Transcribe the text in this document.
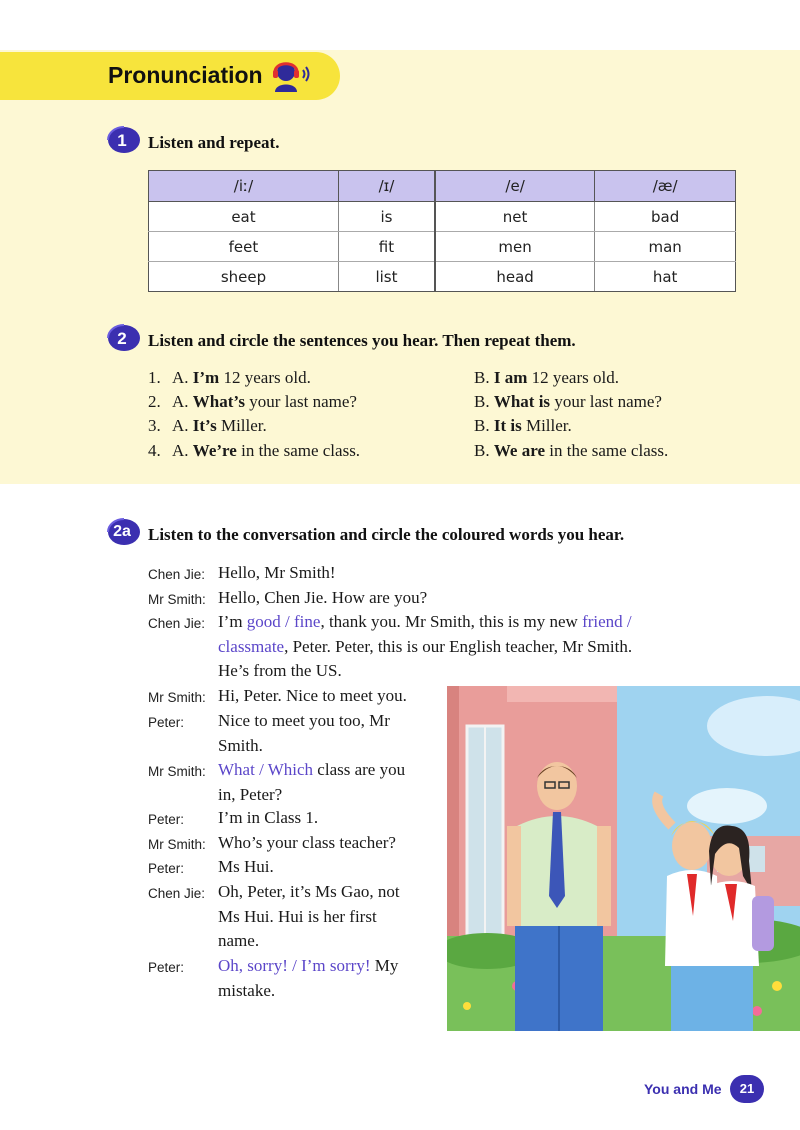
Pronunciation
1	Listen and repeat.
/iː/	/ɪ/	/e/	/æ/
eat	is	net	bad
feet	fit	men	man
sheep	list	head	hat
2	Listen and circle the sentences you hear. Then repeat them.
1. A. I’m 12 years old.	B. I am 12 years old.
2. A. What’s your last name?	B. What is your last name?
3. A. It’s Miller.	B. It is Miller.
4. A. We’re in the same class.	B. We are in the same class.
2a	Listen to the conversation and circle the coloured words you hear.
Chen Jie: Hello, Mr Smith!
Mr Smith: Hello, Chen Jie. How are you?
Chen Jie: I’m good / fine, thank you. Mr Smith, this is my new friend /
classmate, Peter. Peter, this is our English teacher, Mr Smith.
He’s from the US.
Mr Smith: Hi, Peter. Nice to meet you.
Peter:	Nice to meet you too, Mr
Smith.
Mr Smith: What / Which class are you
in, Peter?
Peter:	I’m in Class 1.
Mr Smith: Who’s your class teacher?
Peter:	Ms Hui.
Chen Jie: Oh, Peter, it’s Ms Gao, not
Ms Hui. Hui is her first
name.
Peter:	Oh, sorry! / I’m sorry! My
mistake.
You and Me	21
